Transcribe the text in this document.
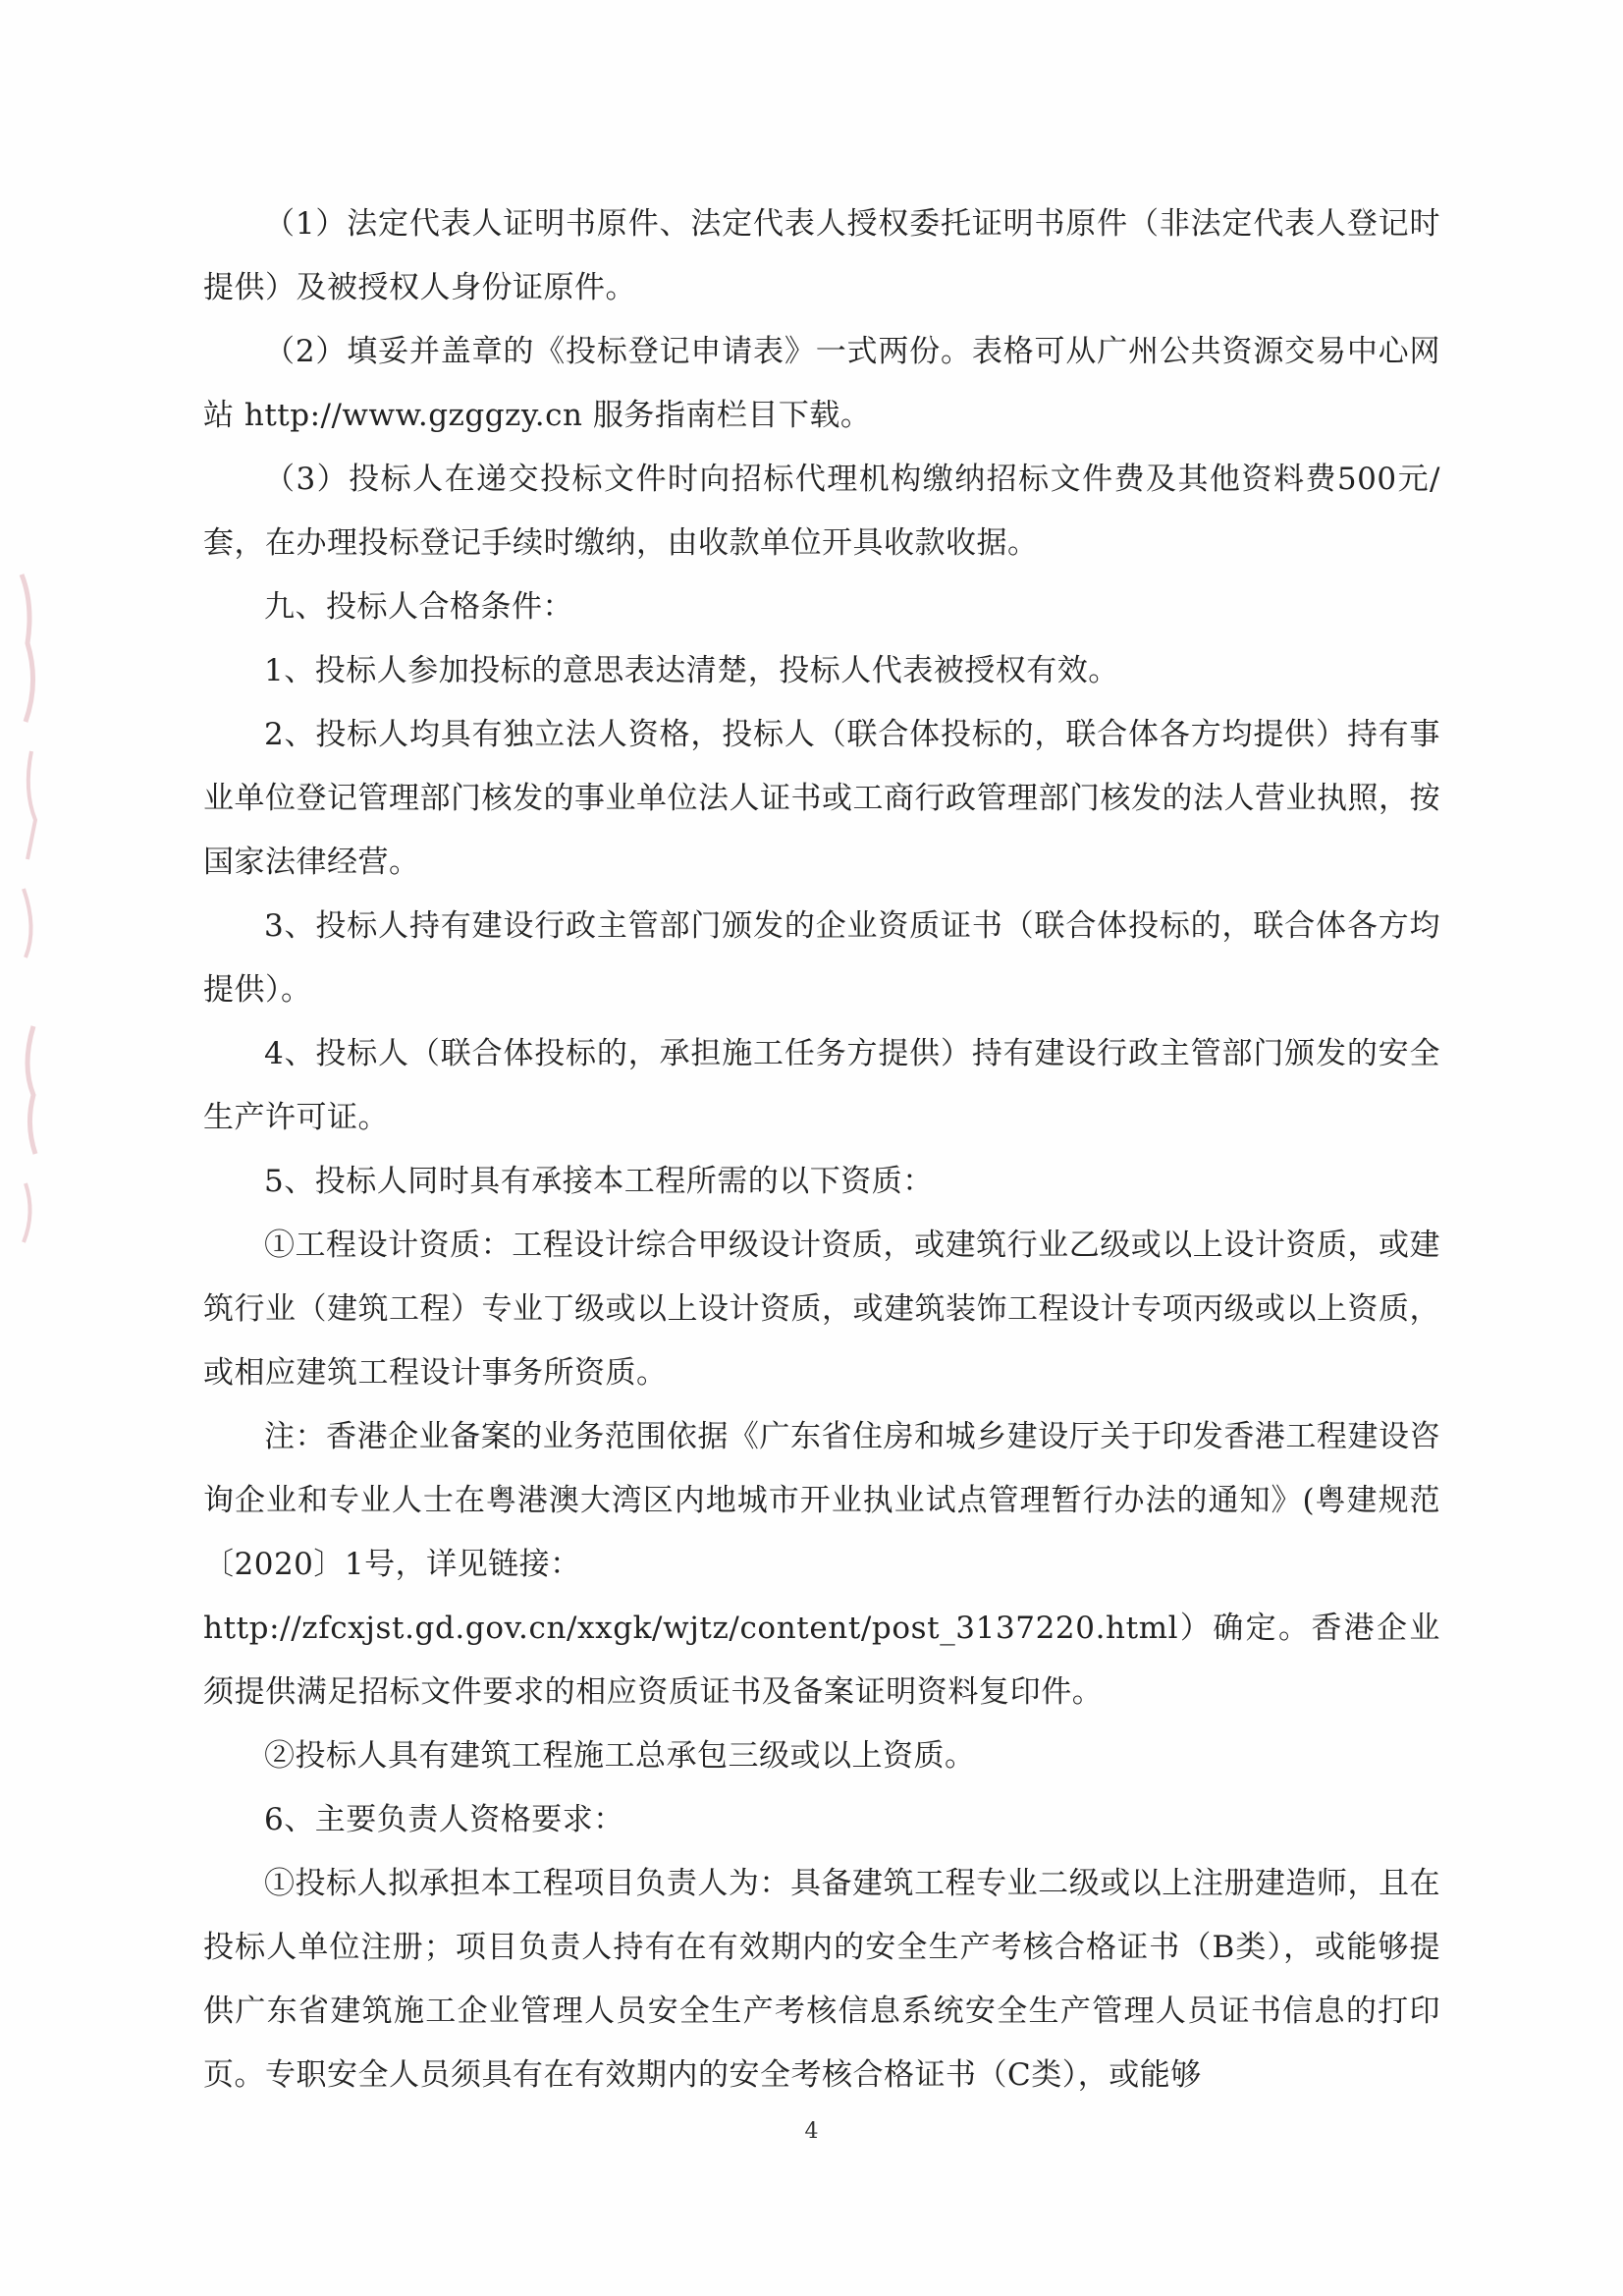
（1）法定代表人证明书原件、法定代表人授权委托证明书原件（非法定代表人登记时提供）及被授权人身份证原件。

（2）填妥并盖章的《投标登记申请表》一式两份。表格可从广州公共资源交易中心网站 http://www.gzggzy.cn 服务指南栏目下载。

（3）投标人在递交投标文件时向招标代理机构缴纳招标文件费及其他资料费500元/套，在办理投标登记手续时缴纳，由收款单位开具收款收据。

九、投标人合格条件：

1、投标人参加投标的意思表达清楚，投标人代表被授权有效。

2、投标人均具有独立法人资格，投标人（联合体投标的，联合体各方均提供）持有事业单位登记管理部门核发的事业单位法人证书或工商行政管理部门核发的法人营业执照，按国家法律经营。

3、投标人持有建设行政主管部门颁发的企业资质证书（联合体投标的，联合体各方均提供）。

4、投标人（联合体投标的，承担施工任务方提供）持有建设行政主管部门颁发的安全生产许可证。

5、投标人同时具有承接本工程所需的以下资质：

①工程设计资质：工程设计综合甲级设计资质，或建筑行业乙级或以上设计资质，或建筑行业（建筑工程）专业丁级或以上设计资质，或建筑装饰工程设计专项丙级或以上资质，或相应建筑工程设计事务所资质。

注：香港企业备案的业务范围依据《广东省住房和城乡建设厅关于印发香港工程建设咨询企业和专业人士在粤港澳大湾区内地城市开业执业试点管理暂行办法的通知》(粤建规范〔2020〕1号，详见链接：

http://zfcxjst.gd.gov.cn/xxgk/wjtz/content/post_3137220.html）确定。香港企业须提供满足招标文件要求的相应资质证书及备案证明资料复印件。

②投标人具有建筑工程施工总承包三级或以上资质。

6、主要负责人资格要求：

①投标人拟承担本工程项目负责人为：具备建筑工程专业二级或以上注册建造师，且在投标人单位注册；项目负责人持有在有效期内的安全生产考核合格证书（B类），或能够提供广东省建筑施工企业管理人员安全生产考核信息系统安全生产管理人员证书信息的打印页。专职安全人员须具有在有效期内的安全考核合格证书（C类），或能够

4
